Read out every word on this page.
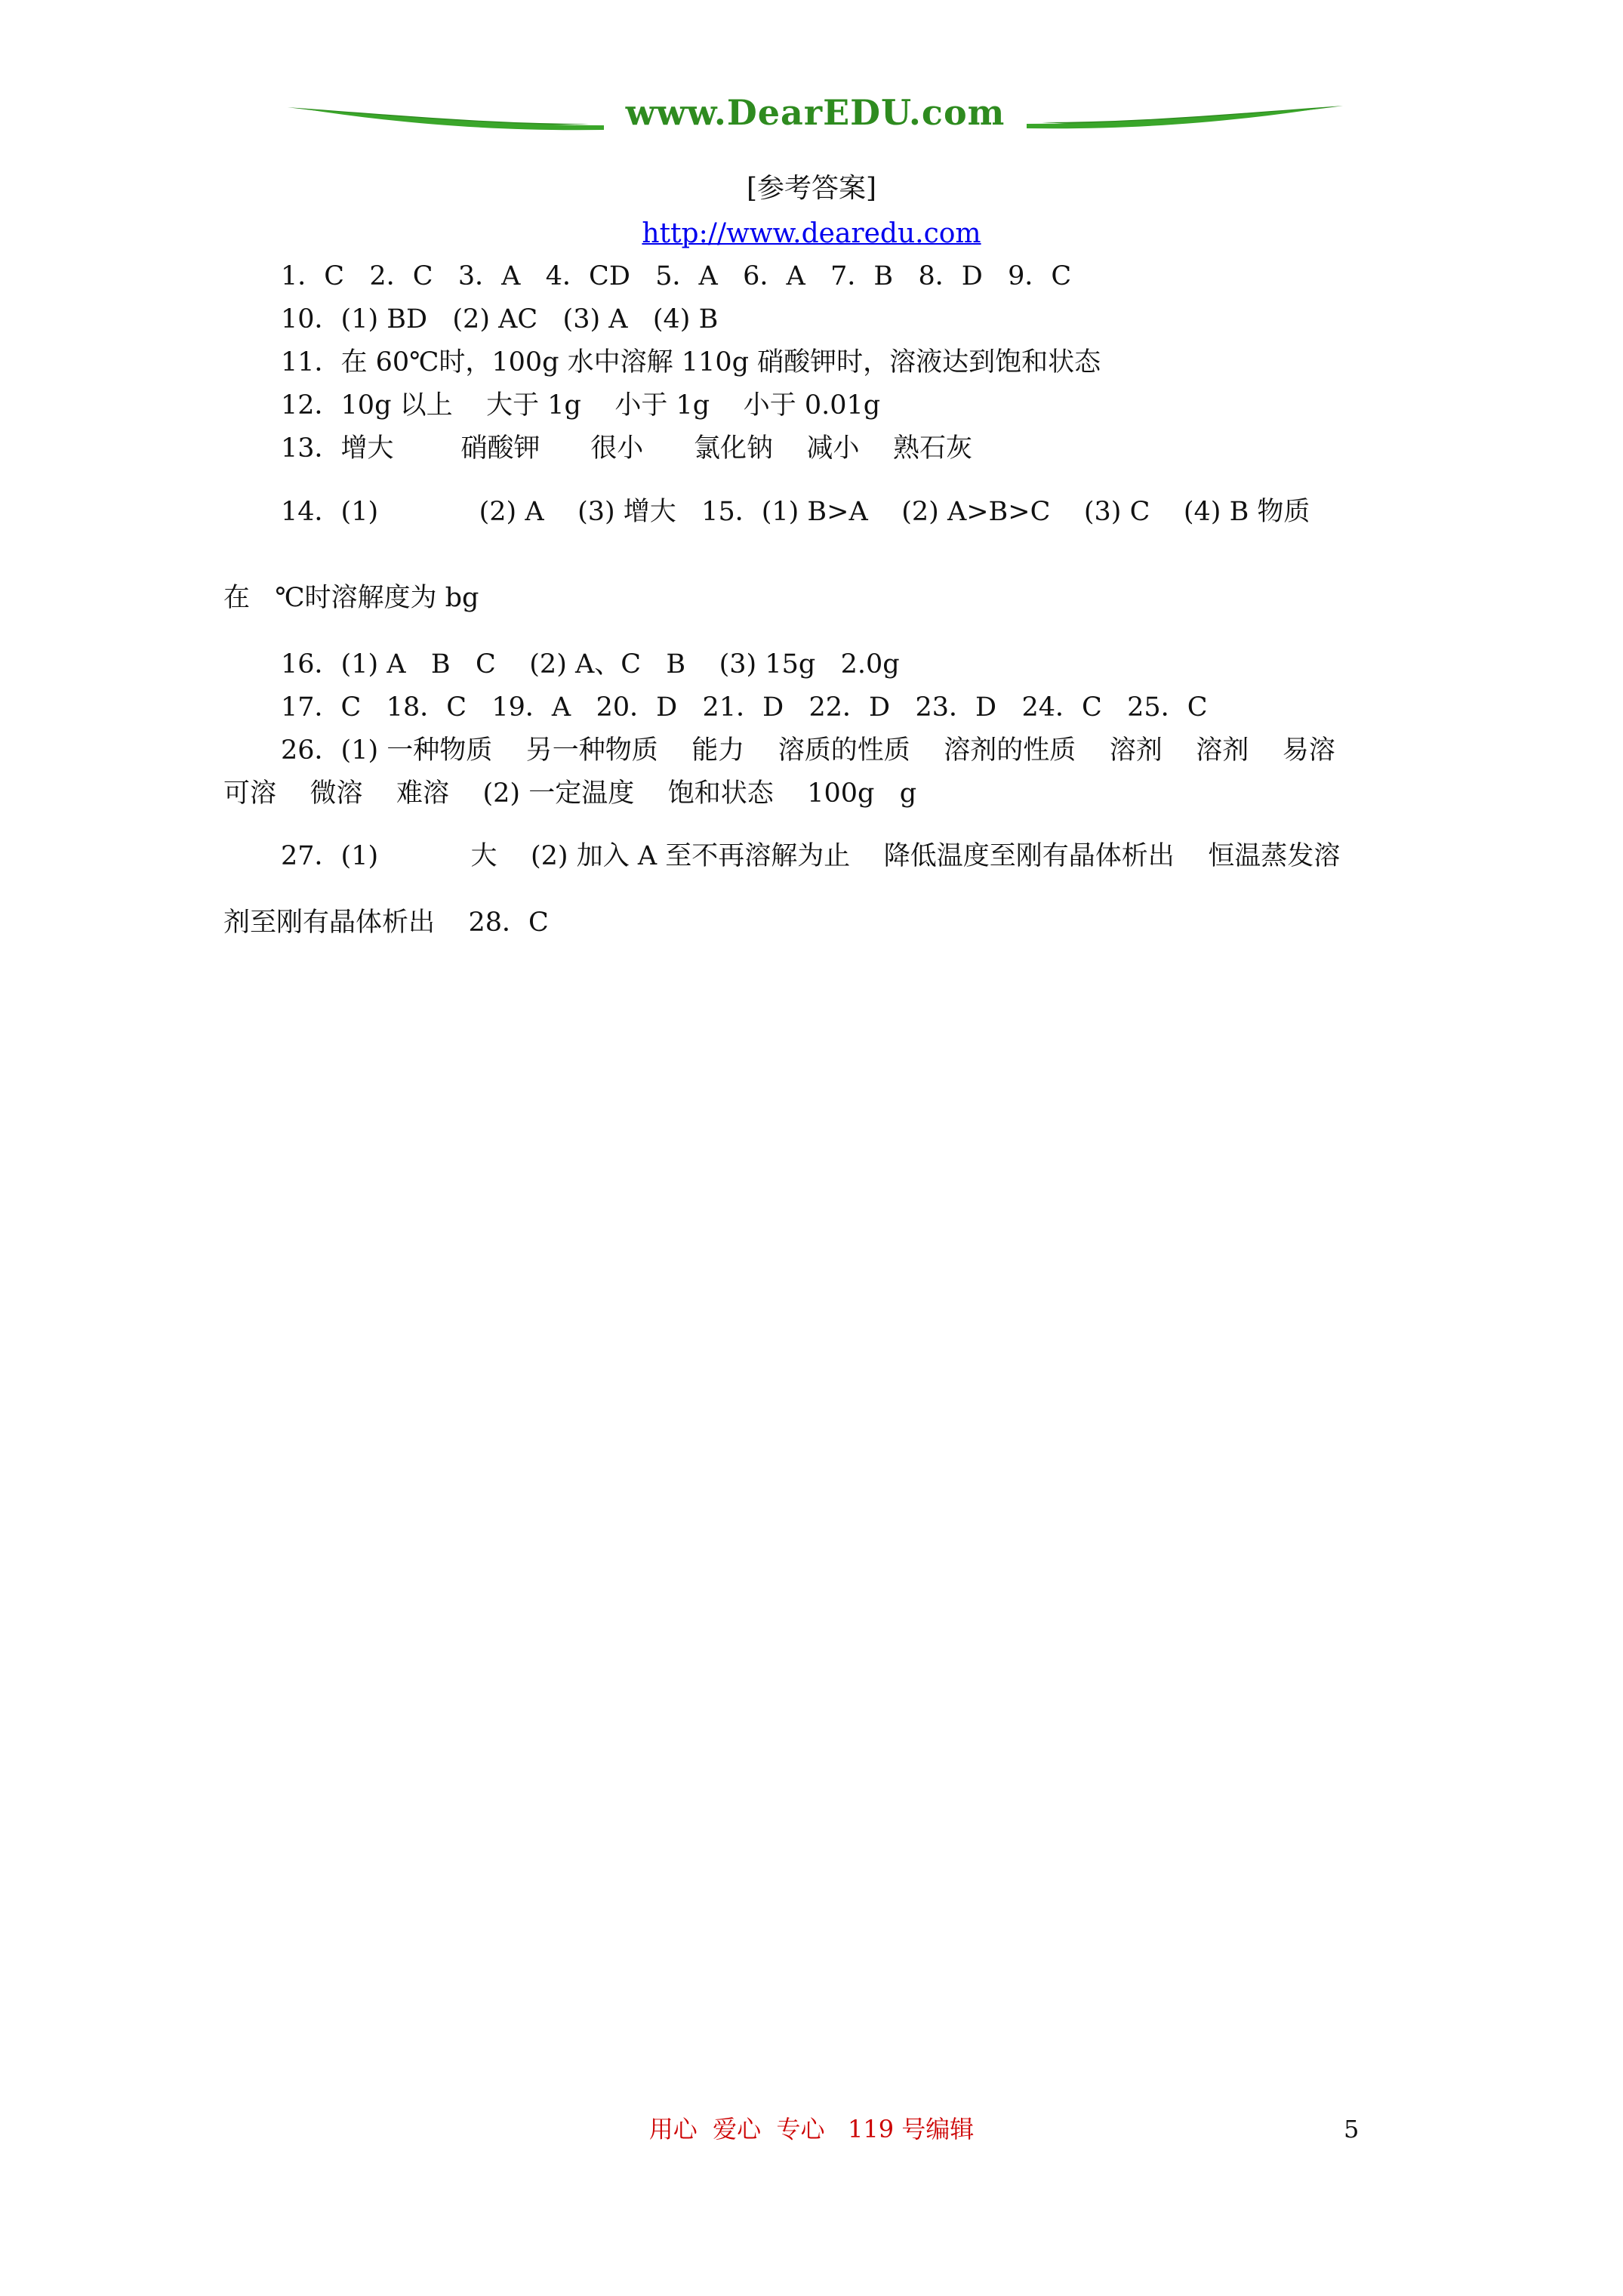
www.DearEDU.com
[参考答案]
http://www.dearedu.com
1．C   2．C   3．A   4．CD   5．A   6．A   7．B   8．D   9．C
10．(1) BD   (2) AC   (3) A   (4) B
11．在 60℃时，100g 水中溶解 110g 硝酸钾时，溶液达到饱和状态
12．10g 以上    大于 1g    小于 1g    小于 0.01g
13．增大        硝酸钾      很小      氯化钠    减小    熟石灰
14．(1)            (2) A    (3) 增大   15．(1) B>A    (2) A>B>C    (3) C    (4) B 物质
在   ℃时溶解度为 bg
16．(1) A   B   C    (2) A、C   B    (3) 15g   2.0g
17．C   18．C   19．A   20．D   21．D   22．D   23．D   24．C   25．C
26．(1) 一种物质    另一种物质    能力    溶质的性质    溶剂的性质    溶剂    溶剂    易溶
可溶    微溶    难溶    (2) 一定温度    饱和状态    100g   g
27．(1)           大    (2) 加入 A 至不再溶解为止    降低温度至刚有晶体析出    恒温蒸发溶
剂至刚有晶体析出    28．C
用心  爱心  专心   119 号编辑	5
